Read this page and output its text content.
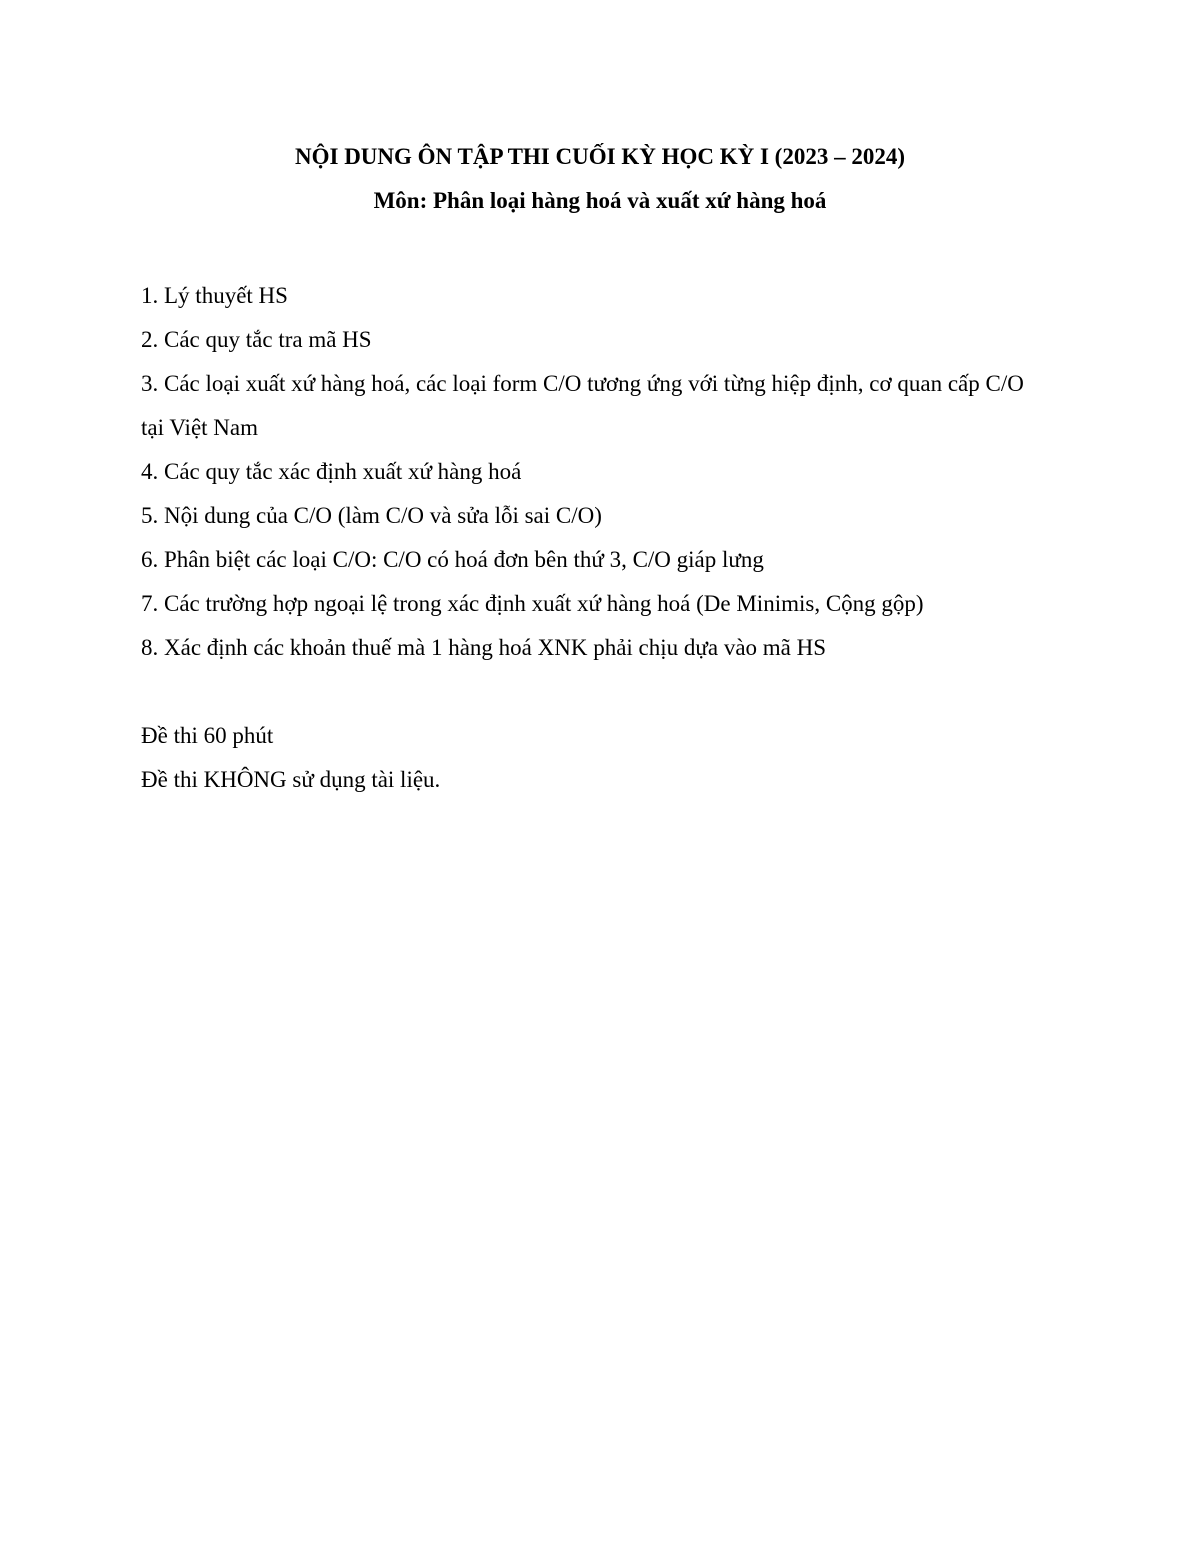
NỘI DUNG ÔN TẬP THI CUỐI KỲ HỌC KỲ I (2023 – 2024)
Môn: Phân loại hàng hoá và xuất xứ hàng hoá
1. Lý thuyết HS
2. Các quy tắc tra mã HS
3. Các loại xuất xứ hàng hoá, các loại form C/O tương ứng với từng hiệp định, cơ quan cấp C/O tại Việt Nam
4. Các quy tắc xác định xuất xứ hàng hoá
5. Nội dung của C/O (làm C/O và sửa lỗi sai C/O)
6. Phân biệt các loại C/O: C/O có hoá đơn bên thứ 3, C/O giáp lưng
7. Các trường hợp ngoại lệ trong xác định xuất xứ hàng hoá (De Minimis, Cộng gộp)
8. Xác định các khoản thuế mà 1 hàng hoá XNK phải chịu dựa vào mã HS
Đề thi 60 phút
Đề thi KHÔNG sử dụng tài liệu.
